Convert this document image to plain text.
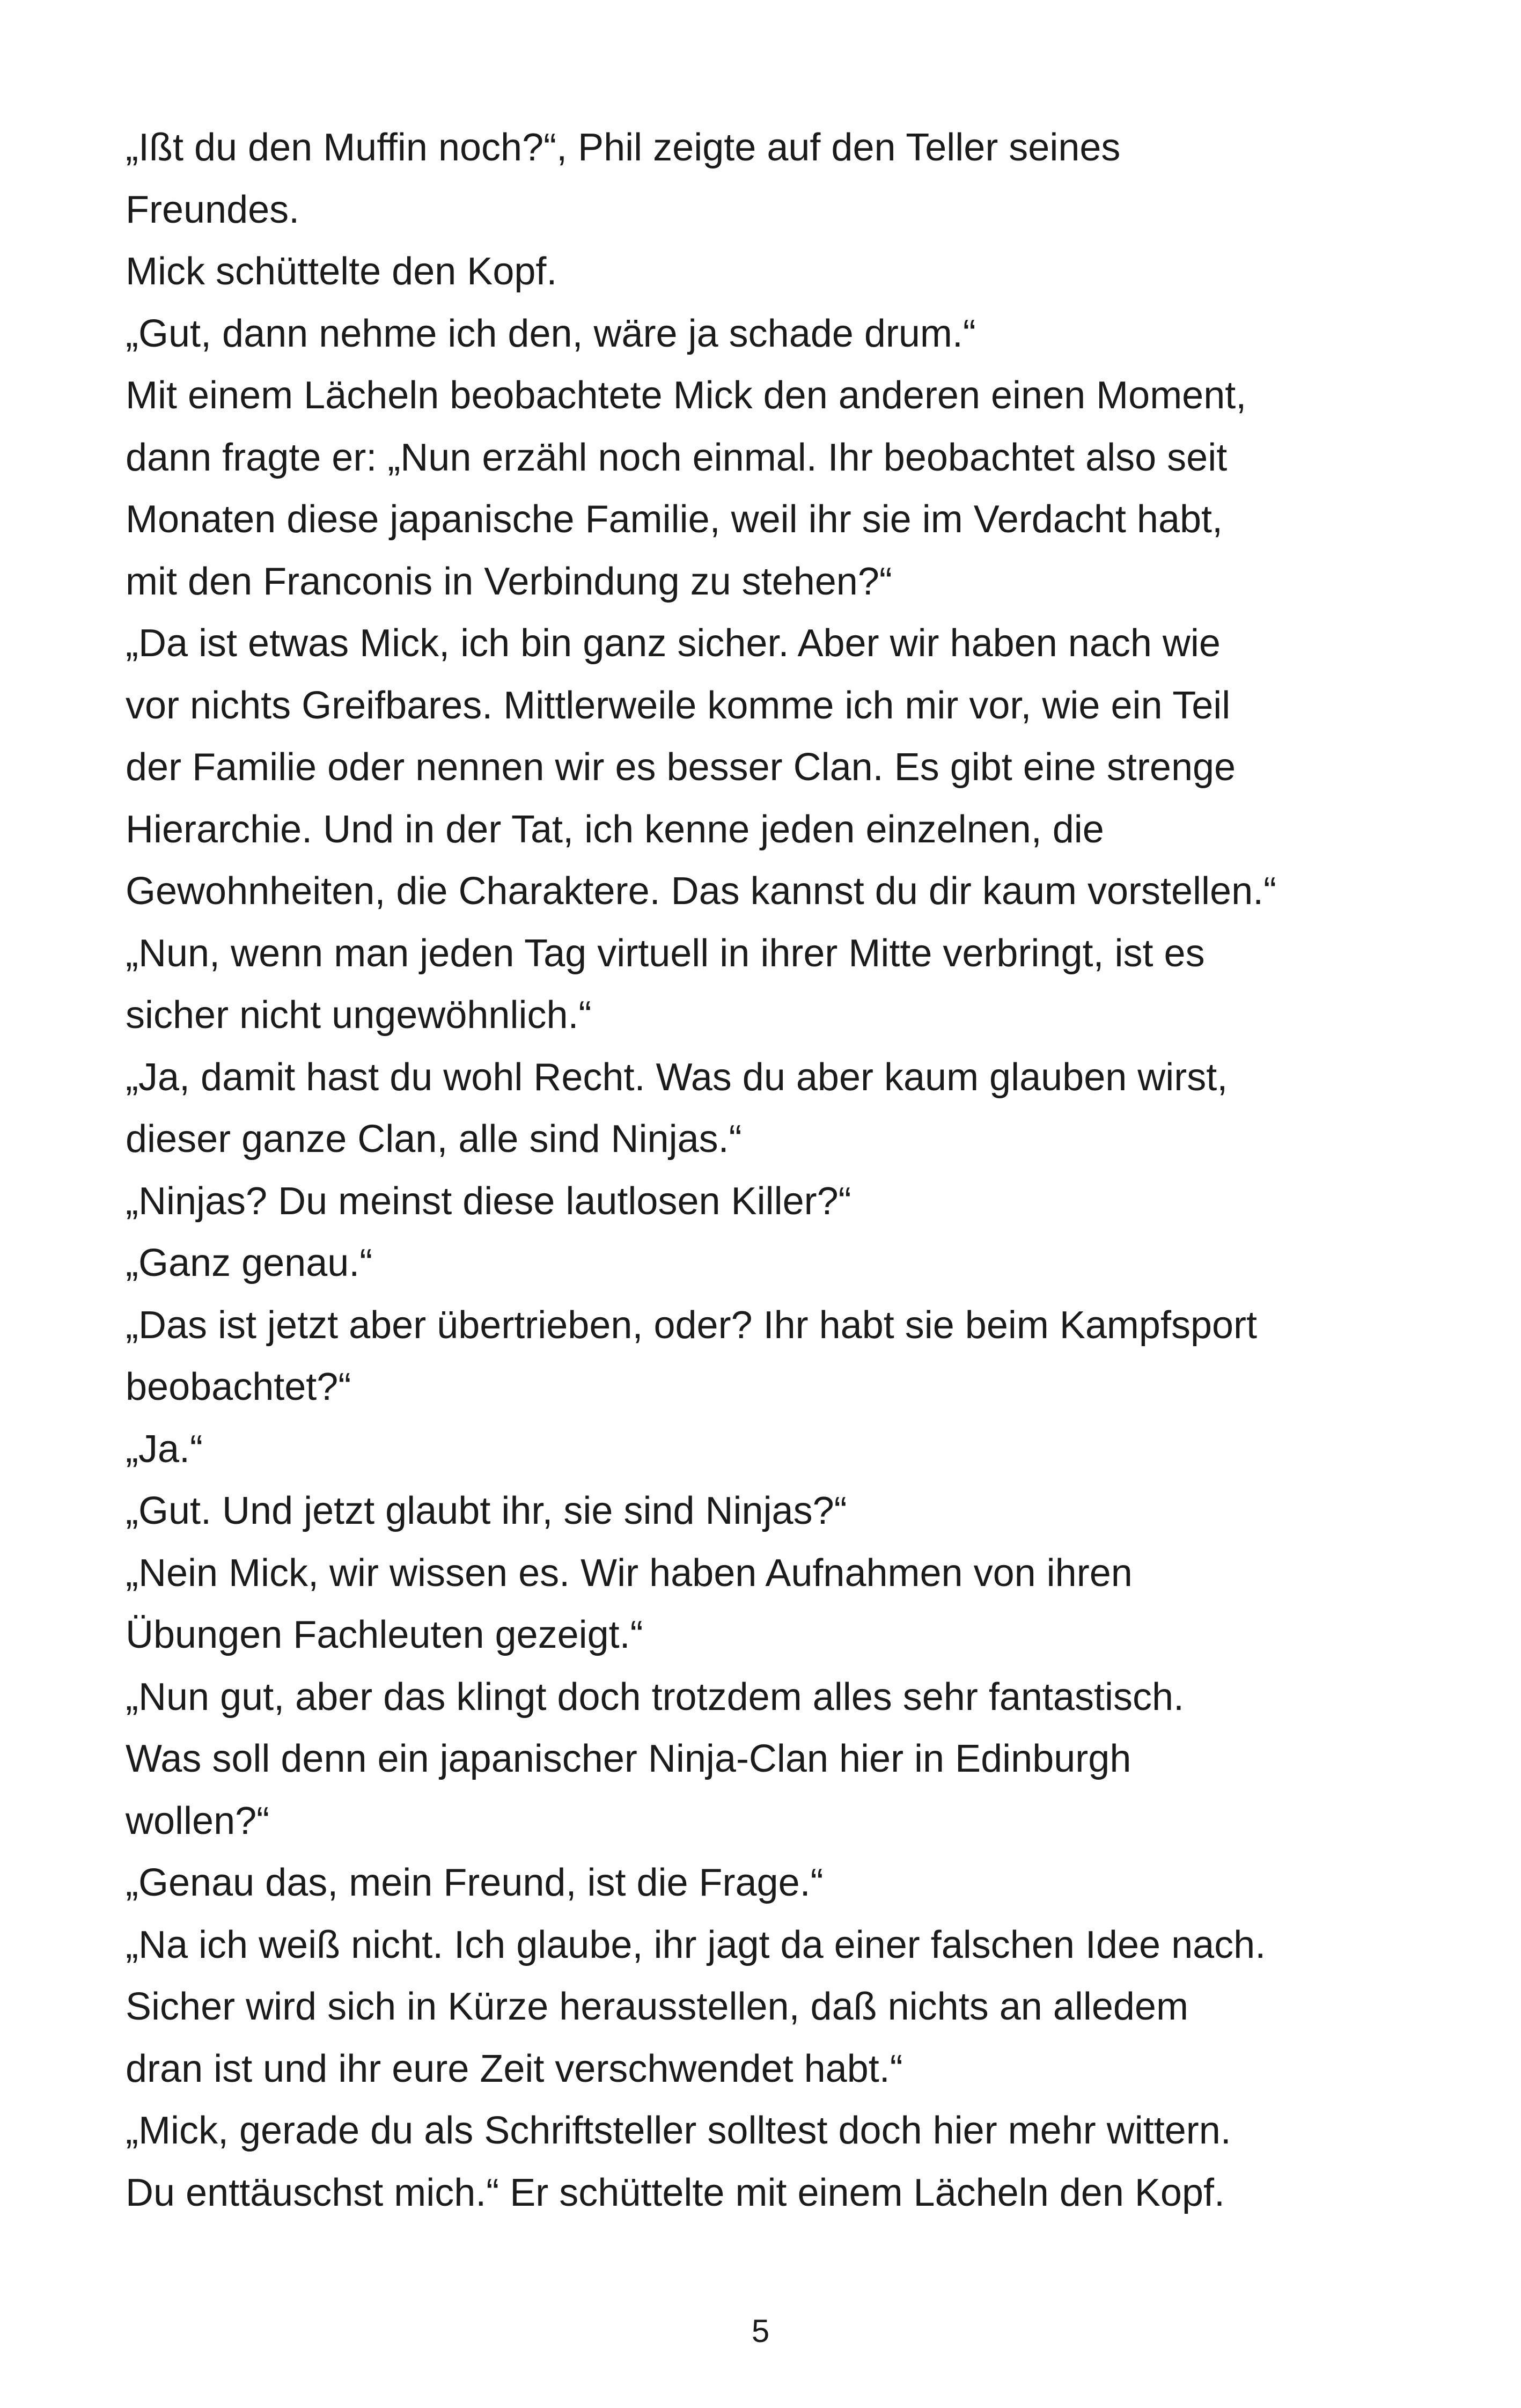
„Ißt du den Muffin noch?“, Phil zeigte auf den Teller seines
Freundes.
Mick schüttelte den Kopf.
„Gut, dann nehme ich den, wäre ja schade drum.“
Mit einem Lächeln beobachtete Mick den anderen einen Moment,
dann fragte er: „Nun erzähl noch einmal. Ihr beobachtet also seit
Monaten diese japanische Familie, weil ihr sie im Verdacht habt,
mit den Franconis in Verbindung zu stehen?“
„Da ist etwas Mick, ich bin ganz sicher. Aber wir haben nach wie
vor nichts Greifbares. Mittlerweile komme ich mir vor, wie ein Teil
der Familie oder nennen wir es besser Clan. Es gibt eine strenge
Hierarchie. Und in der Tat, ich kenne jeden einzelnen, die
Gewohnheiten, die Charaktere. Das kannst du dir kaum vorstellen.“
„Nun, wenn man jeden Tag virtuell in ihrer Mitte verbringt, ist es
sicher nicht ungewöhnlich.“
„Ja, damit hast du wohl Recht. Was du aber kaum glauben wirst,
dieser ganze Clan, alle sind Ninjas.“
„Ninjas? Du meinst diese lautlosen Killer?“
„Ganz genau.“
„Das ist jetzt aber übertrieben, oder? Ihr habt sie beim Kampfsport
beobachtet?“
„Ja.“
„Gut. Und jetzt glaubt ihr, sie sind Ninjas?“
„Nein Mick, wir wissen es. Wir haben Aufnahmen von ihren
Übungen Fachleuten gezeigt.“
„Nun gut, aber das klingt doch trotzdem alles sehr fantastisch.
Was soll denn ein japanischer Ninja-Clan hier in Edinburgh
wollen?“
„Genau das, mein Freund, ist die Frage.“
„Na ich weiß nicht. Ich glaube, ihr jagt da einer falschen Idee nach.
Sicher wird sich in Kürze herausstellen, daß nichts an alledem
dran ist und ihr eure Zeit verschwendet habt.“
„Mick, gerade du als Schriftsteller solltest doch hier mehr wittern.
Du enttäuschst mich.“ Er schüttelte mit einem Lächeln den Kopf.
5
